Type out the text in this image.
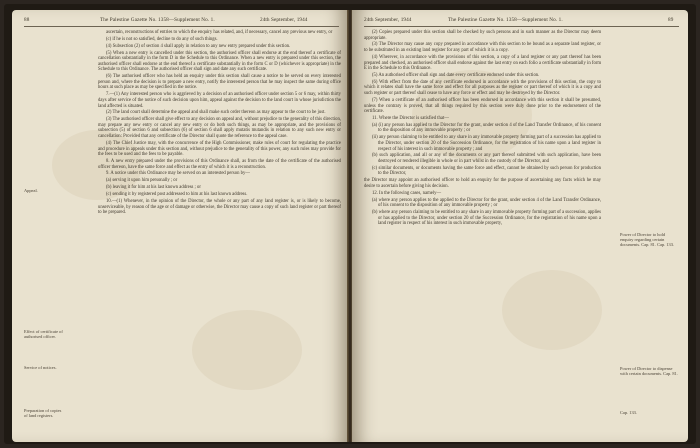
88	The Palestine Gazette No. 1358—Supplement No. 1.	24th September, 1944
Appeal.
Effect of certificate of authorised officer.
Service of notices.
Preparation of copies of land registers.

ascertain, reconstructions of entries to which the enquiry has related, and, if necessary, cancel any previous new entry, or

(c) if he is not so satisfied, decline to do any of such things.

(4) Subsection (2) of section 4 shall apply in relation to any new entry prepared under this section.

(5) When a new entry is cancelled under this section, the authorised officer shall endorse at the end thereof a certificate of cancellation substantially in the form D in the Schedule to this Ordinance. When a new entry is prepared under this section, the authorised officer shall endorse at the end thereof a certificate substantially in the form C or D (whichever is appropriate) in the Schedule to this Ordinance. The authorised officer shall sign and date any such certificate.

(6) The authorised officer who has held an enquiry under this section shall cause a notice to be served on every interested person and, where the decision is to prepare a new entry, notify the interested person that he may inspect the same during office hours at such place as may be specified in the notice.

7.—(1) Any interested person who is aggrieved by a decision of an authorised officer under section 5 or 6 may, within thirty days after service of the notice of such decision upon him, appeal against the decision to the land court in whose jurisdiction the land affected is situated.

(2) The land court shall determine the appeal and shall make such order thereon as may appear to the court to be just.

(3) The authorised officer shall give effect to any decision on appeal and, without prejudice to the generality of this direction, may prepare any new entry or cancel any new entry or do both such things, as may be appropriate, and the provisions of subsection (5) of section 6 and subsection (6) of section 6 shall apply mutatis mutandis in relation to any such new entry or cancellation: Provided that any certificate of the Director shall quote the reference to the appeal case.

(4) The Chief Justice may, with the concurrence of the High Commissioner, make rules of court for regulating the practice and procedure in appeals under this section and, without prejudice to the generality of this power, any such rules may provide for the fees to be used and the fees to be payable.

8. A new entry prepared under the provisions of this Ordinance shall, as from the date of the certificate of the authorised officer thereon, have the same force and effect as the entry of which it is a reconstruction.

9. A notice under this Ordinance may be served on an interested person by—

(a) serving it upon him personally ; or

(b) leaving it for him at his last known address ; or

(c) sending it by registered post addressed to him at his last known address.

10.—(1) Whenever, in the opinion of the Director, the whole or any part of any land register is, or is likely to become, unserviceable, by reason of the age or of damage or otherwise, the Director may cause a copy of such land register or part thereof to be prepared.

24th September, 1944	The Palestine Gazette No. 1358—Supplement No. 1.	89

(2) Copies prepared under this section shall be checked by such persons and in such manner as the Director may deem appropriate.

(3) The Director may cause any copy prepared in accordance with this section to be bound as a separate land register, or to be substituted in an existing land register for any part of which it is a copy.

(4) Wherever, in accordance with the provisions of this section, a copy of a land register or any part thereof has been prepared and checked, an authorised officer shall endorse against the last entry on each folio a certificate substantially in form E in the Schedule to this Ordinance.

(5) An authorised officer shall sign and date every certificate endorsed under this section.

(6) With effect from the date of any certificate endorsed in accordance with the provisions of this section, the copy to which it relates shall have the same force and effect for all purposes as the register or part thereof of which it is a copy and such register or part thereof shall cease to have any force or effect and may be destroyed by the Director.

(7) When a certificate of an authorised officer has been endorsed in accordance with this section it shall be presumed, unless the contrary is proved, that all things required by this section were duly done prior to the endorsement of the certificate.

11. Where the Director is satisfied that—

(a) (i) any person has applied to the Director for the grant, under section 4 of the Land Transfer Ordinance, of his consent to the disposition of any immovable property ; or

(ii) any person claiming to be entitled to any share in any immovable property forming part of a succession has applied to the Director, under section 20 of the Succession Ordinance, for the registration of his name upon a land register in respect of his interest in such immovable property ; and

(b) such application, and all or any of the documents or any part thereof submitted with such application, have been destroyed or rendered illegible in whole or in part whilst in the custody of the Director, and

(c) similar documents, or documents having the same force and effect, cannot be obtained by such person for production to the Director,

the Director may appoint an authorised officer to hold an enquiry for the purpose of ascertaining any facts which he may desire to ascertain before giving his decision.

12. In the following cases, namely—

(a) where any person applies to the applied to the Director for the grant, under section 4 of the Land Transfer Ordinance, of his consent to the disposition of any immovable property ; or

(b) where any person claiming to be entitled to any share in any immovable property forming part of a succession, applies or has applied to the Director, under section 20 of the Succession Ordinance, for the registration of his name upon a land register in respect of his interest in such immovable property,

Power of Director to hold enquiry regarding certain documents. Cap. 81. Cap. 133.
Power of Director to dispense with certain documents. Cap. 81.
Cap. 133.
